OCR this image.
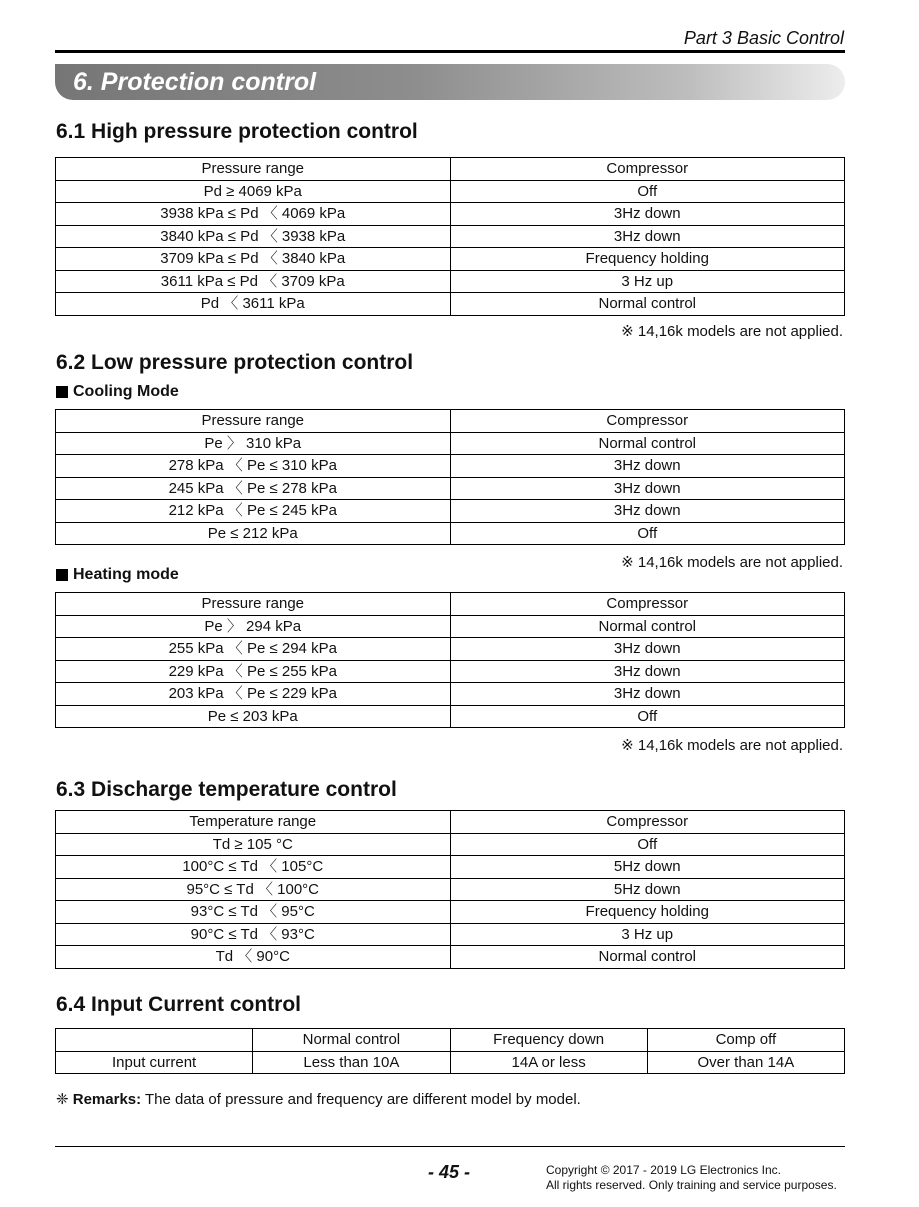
Part 3 Basic Control
6. Protection control
6.1 High pressure protection control
Pressure range	Compressor
Pd ≥ 4069 kPa	Off
3938 kPa ≤ Pd 〈 4069 kPa	3Hz down
3840 kPa ≤ Pd 〈 3938 kPa	3Hz down
3709 kPa ≤ Pd 〈 3840 kPa	Frequency holding
3611 kPa ≤ Pd 〈 3709 kPa	3 Hz up
Pd 〈 3611 kPa	Normal control
※ 14,16k models are not applied.
6.2 Low pressure protection control
Cooling Mode
Pressure range	Compressor
Pe 〉 310 kPa	Normal control
278 kPa 〈 Pe ≤ 310 kPa	3Hz down
245 kPa 〈 Pe ≤ 278 kPa	3Hz down
212 kPa 〈 Pe ≤ 245 kPa	3Hz down
Pe ≤ 212 kPa	Off
※ 14,16k models are not applied.
Heating mode
Pressure range	Compressor
Pe 〉 294 kPa	Normal control
255 kPa 〈 Pe ≤ 294 kPa	3Hz down
229 kPa 〈 Pe ≤ 255 kPa	3Hz down
203 kPa 〈 Pe ≤ 229 kPa	3Hz down
Pe ≤ 203 kPa	Off
※ 14,16k models are not applied.
6.3 Discharge temperature control
Temperature range	Compressor
Td ≥ 105 °C	Off
100°C ≤ Td 〈 105°C	5Hz down
95°C ≤ Td 〈 100°C	5Hz down
93°C ≤ Td 〈 95°C	Frequency holding
90°C ≤ Td 〈 93°C	3 Hz up
Td 〈 90°C	Normal control
6.4 Input Current control
	Normal control	Frequency down	Comp off
Input current	Less than 10A	14A or less	Over than 14A
❈ Remarks: The data of pressure and frequency are different model by model.
- 45 -	Copyright © 2017 - 2019 LG Electronics Inc.
All rights reserved. Only training and service purposes.
